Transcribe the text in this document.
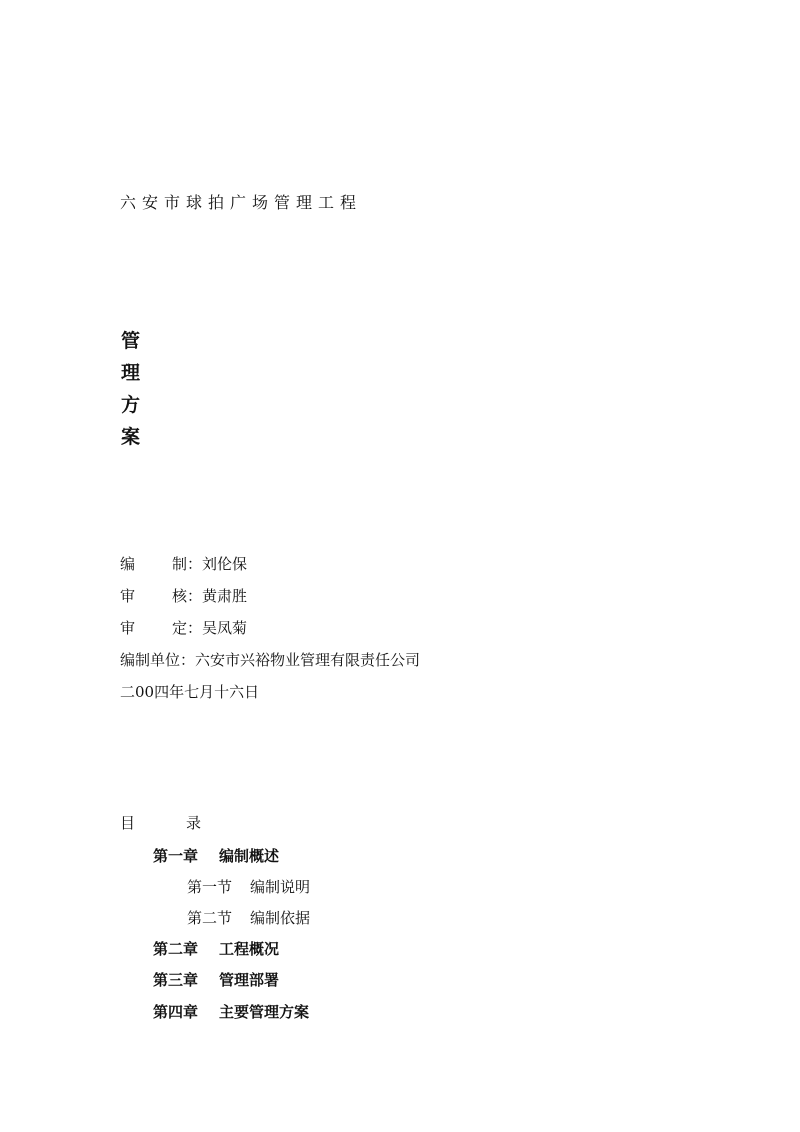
六安市球拍广场管理工程
管
理
方
案
编 制：刘伦保
审 核：黄肃胜
审 定：吴凤菊
编制单位：六安市兴裕物业管理有限责任公司
二00四年七月十六日
目	录
第一章 编制概述
第一节 编制说明
第二节 编制依据
第二章 工程概况
第三章 管理部署
第四章 主要管理方案
